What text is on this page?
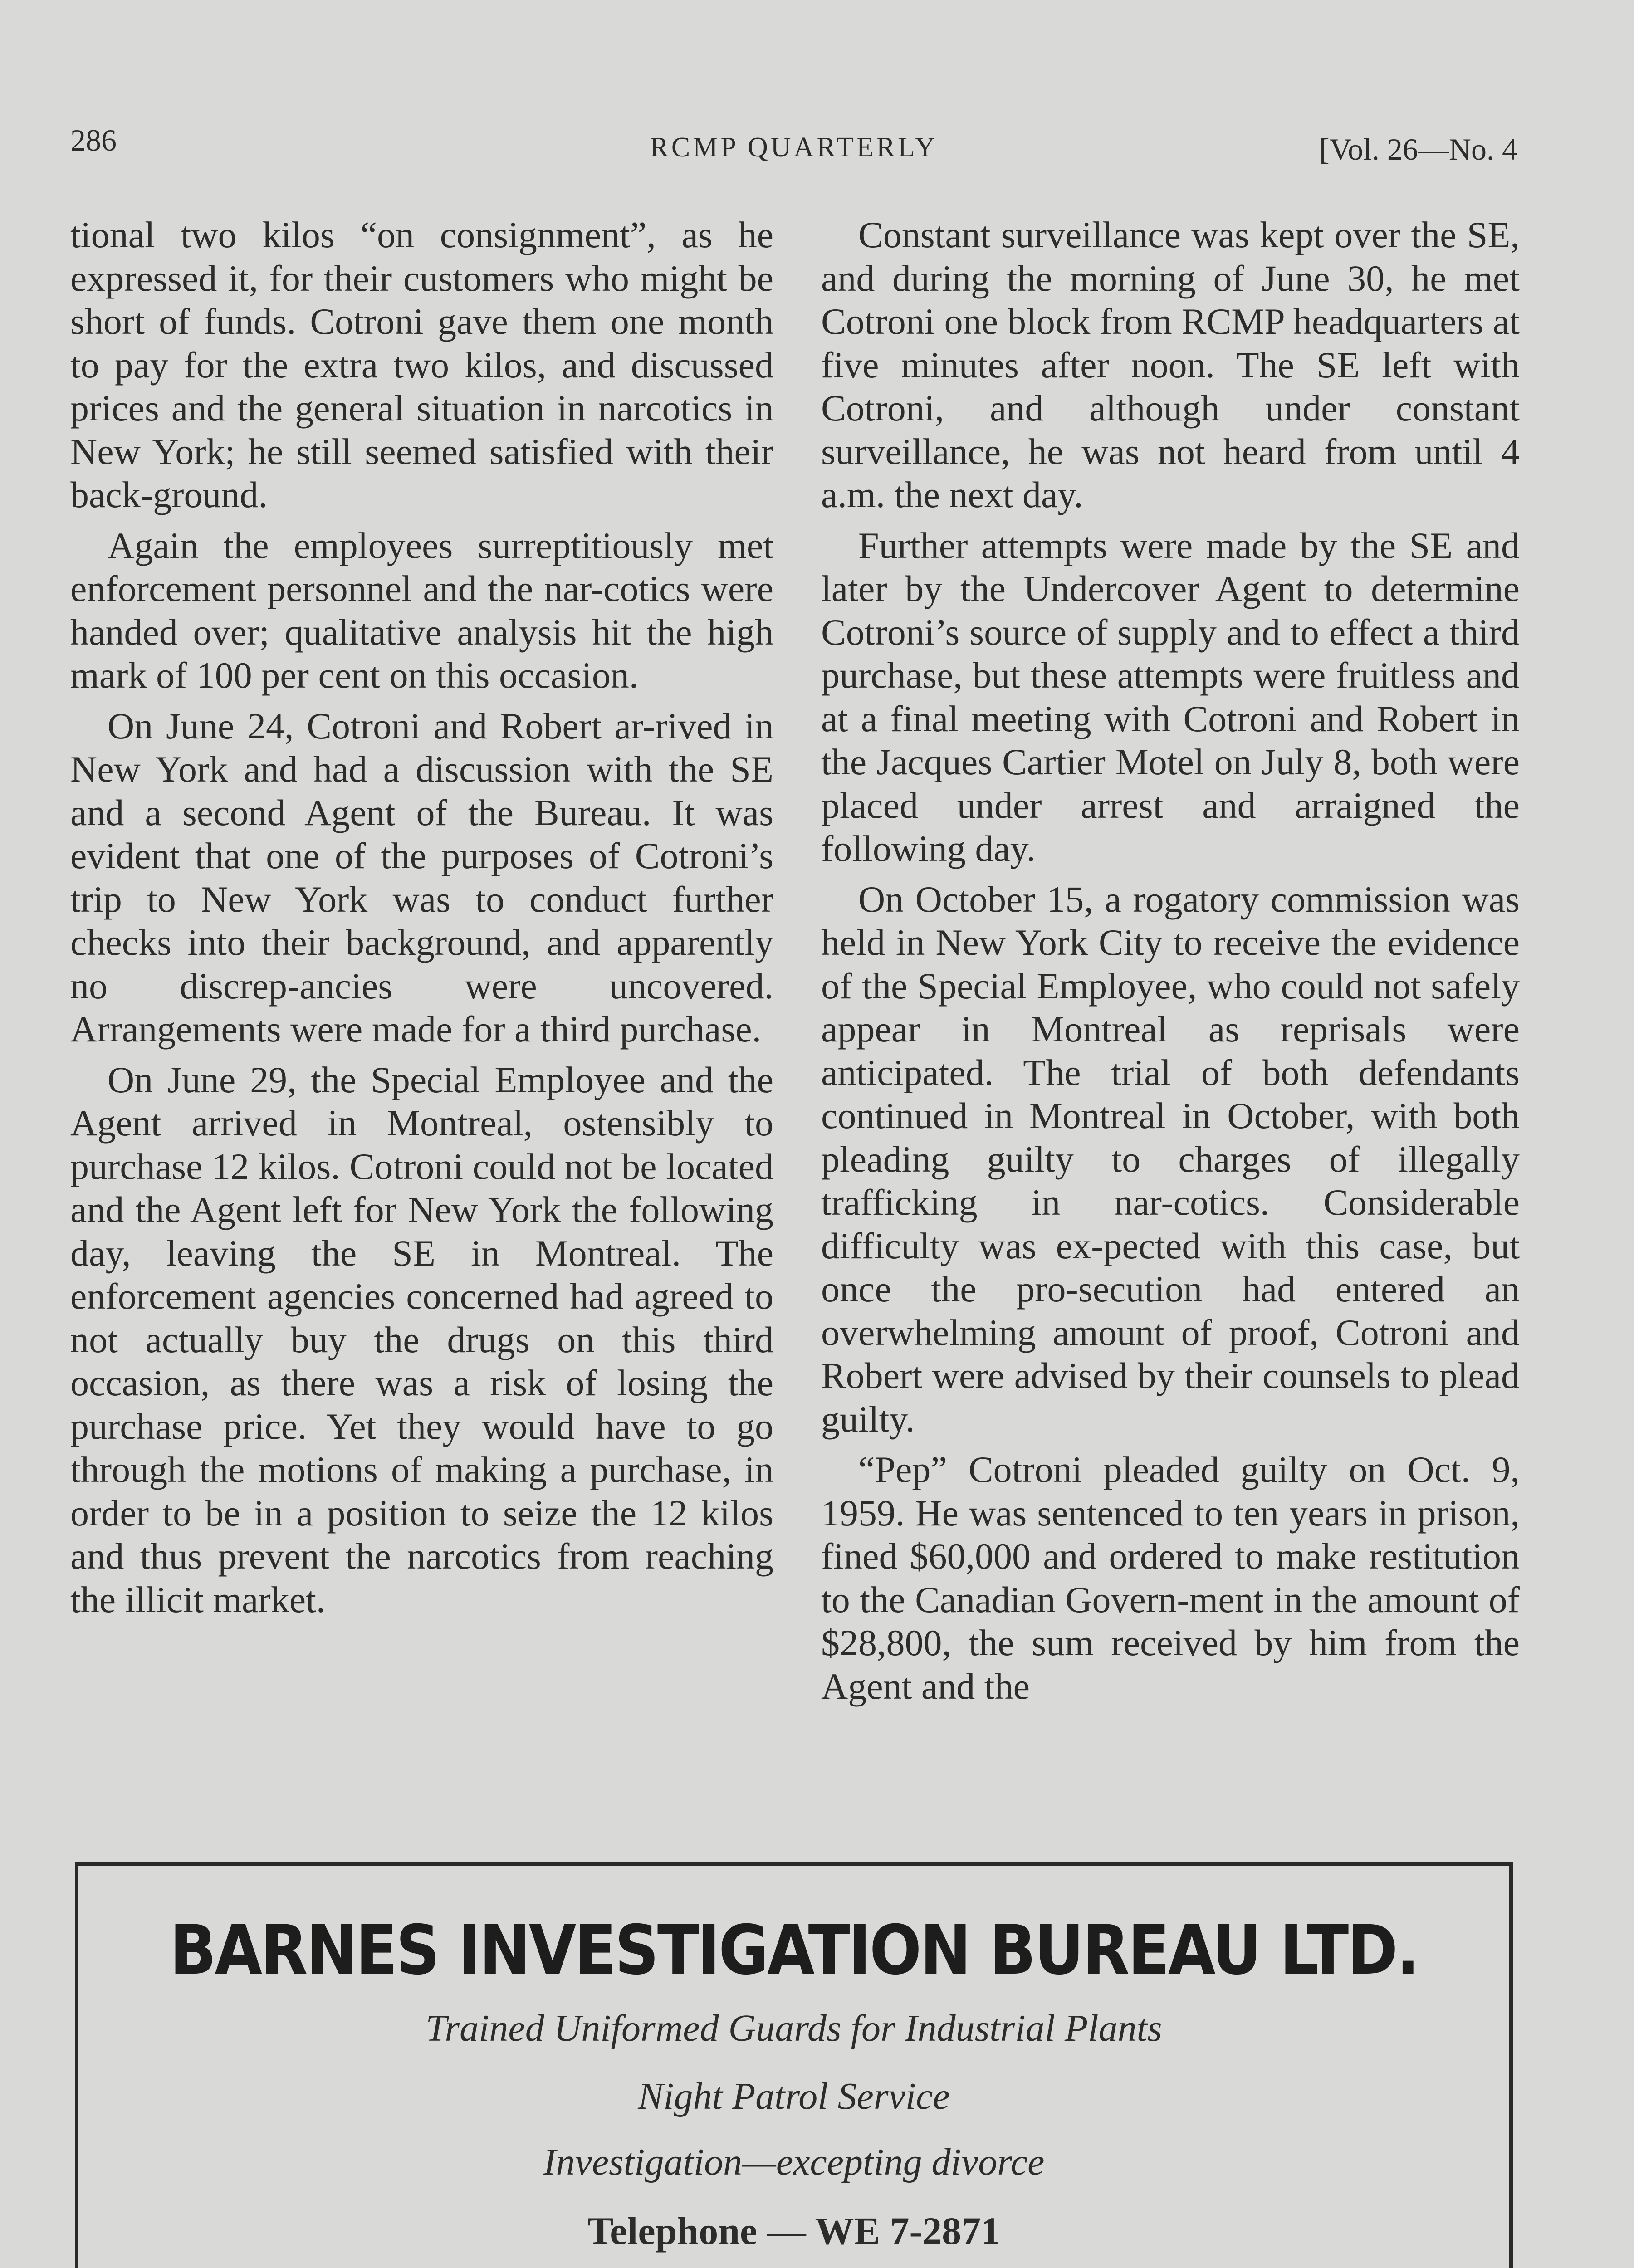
286	RCMP QUARTERLY	[Vol. 26—No. 4

tional two kilos “on consignment”, as he expressed it, for their customers who might be short of funds. Cotroni gave them one month to pay for the extra two kilos, and discussed prices and the general situation in narcotics in New York; he still seemed satisfied with their back-ground.

Again the employees surreptitiously met enforcement personnel and the nar-cotics were handed over; qualitative analysis hit the high mark of 100 per cent on this occasion.

On June 24, Cotroni and Robert ar-rived in New York and had a discussion with the SE and a second Agent of the Bureau. It was evident that one of the purposes of Cotroni’s trip to New York was to conduct further checks into their background, and apparently no discrep-ancies were uncovered. Arrangements were made for a third purchase.

On June 29, the Special Employee and the Agent arrived in Montreal, ostensibly to purchase 12 kilos. Cotroni could not be located and the Agent left for New York the following day, leaving the SE in Montreal. The enforcement agencies concerned had agreed to not actually buy the drugs on this third occasion, as there was a risk of losing the purchase price. Yet they would have to go through the motions of making a purchase, in order to be in a position to seize the 12 kilos and thus prevent the narcotics from reaching the illicit market.

Constant surveillance was kept over the SE, and during the morning of June 30, he met Cotroni one block from RCMP headquarters at five minutes after noon. The SE left with Cotroni, and although under constant surveillance, he was not heard from until 4 a.m. the next day.

Further attempts were made by the SE and later by the Undercover Agent to determine Cotroni’s source of supply and to effect a third purchase, but these attempts were fruitless and at a final meeting with Cotroni and Robert in the Jacques Cartier Motel on July 8, both were placed under arrest and arraigned the following day.

On October 15, a rogatory commission was held in New York City to receive the evidence of the Special Employee, who could not safely appear in Montreal as reprisals were anticipated. The trial of both defendants continued in Montreal in October, with both pleading guilty to charges of illegally trafficking in nar-cotics. Considerable difficulty was ex-pected with this case, but once the pro-secution had entered an overwhelming amount of proof, Cotroni and Robert were advised by their counsels to plead guilty.

“Pep” Cotroni pleaded guilty on Oct. 9, 1959. He was sentenced to ten years in prison, fined $60,000 and ordered to make restitution to the Canadian Govern-ment in the amount of $28,800, the sum received by him from the Agent and the

BARNES INVESTIGATION BUREAU LTD.
Trained Uniformed Guards for Industrial Plants
Night Patrol Service
Investigation—excepting divorce
Telephone — WE 7-2871
